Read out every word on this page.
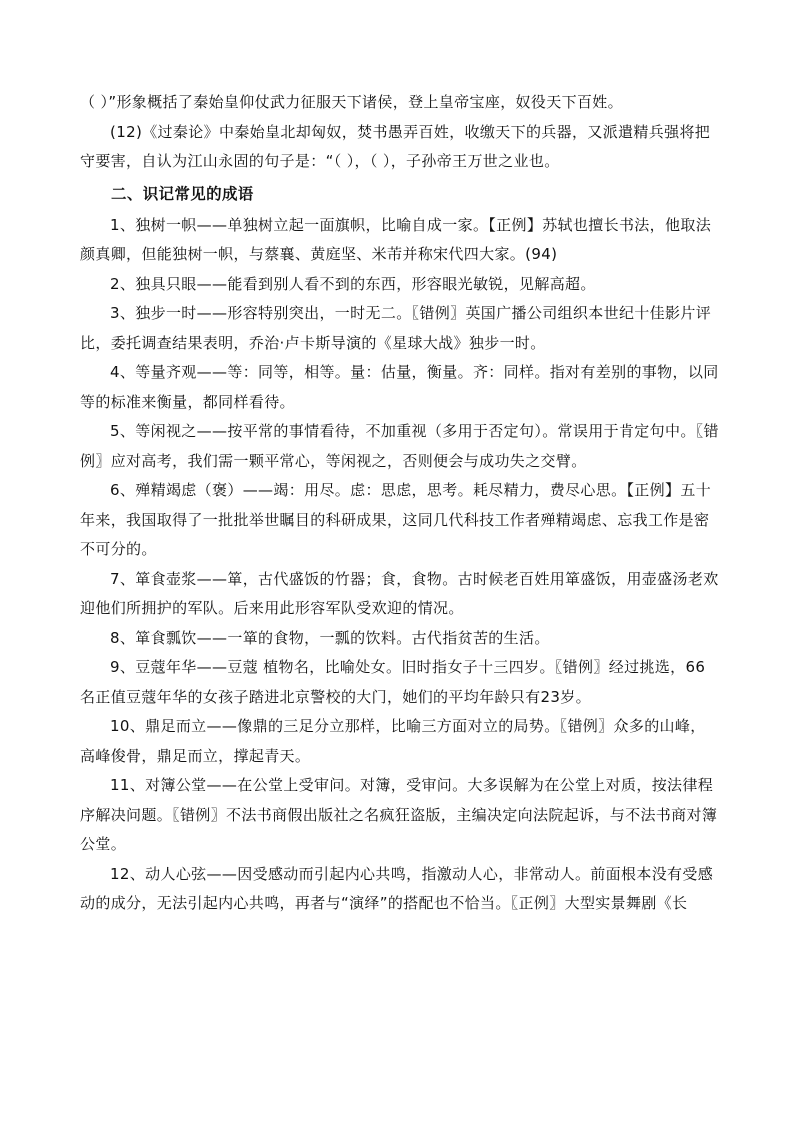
（ ）”形象概括了秦始皇仰仗武力征服天下诸侯，登上皇帝宝座，奴役天下百姓。

(12)《过秦论》中秦始皇北却匈奴，焚书愚弄百姓，收缴天下的兵器，又派遣精兵强将把守要害，自认为江山永固的句子是：“（ ），（ ），子孙帝王万世之业也。

二、识记常见的成语

1、独树一帜——单独树立起一面旗帜，比喻自成一家。【正例】苏轼也擅长书法，他取法颜真卿，但能独树一帜，与蔡襄、黄庭坚、米芾并称宋代四大家。(94)

2、独具只眼——能看到别人看不到的东西，形容眼光敏锐，见解高超。

3、独步一时——形容特别突出，一时无二。〖错例〗英国广播公司组织本世纪十佳影片评比，委托调查结果表明，乔治·卢卡斯导演的《星球大战》独步一时。

4、等量齐观——等：同等，相等。量：估量，衡量。齐：同样。指对有差别的事物，以同等的标准来衡量，都同样看待。

5、等闲视之——按平常的事情看待，不加重视（多用于否定句）。常误用于肯定句中。〖错例〗应对高考，我们需一颗平常心，等闲视之，否则便会与成功失之交臂。

6、殚精竭虑（褒）——竭：用尽。虑：思虑，思考。耗尽精力，费尽心思。【正例】五十年来，我国取得了一批批举世瞩目的科研成果，这同几代科技工作者殚精竭虑、忘我工作是密不可分的。

7、箪食壶浆——箪，古代盛饭的竹器；食，食物。古时候老百姓用箪盛饭，用壶盛汤老欢迎他们所拥护的军队。后来用此形容军队受欢迎的情况。

8、箪食瓢饮——一箪的食物，一瓢的饮料。古代指贫苦的生活。

9、豆蔻年华——豆蔻 植物名，比喻处女。旧时指女子十三四岁。〖错例〗经过挑选，66名正值豆蔻年华的女孩子踏进北京警校的大门，她们的平均年龄只有23岁。

10、鼎足而立——像鼎的三足分立那样，比喻三方面对立的局势。〖错例〗众多的山峰，高峰俊骨，鼎足而立，撑起青天。

11、对簿公堂——在公堂上受审问。对簿，受审问。大多误解为在公堂上对质，按法律程序解决问题。〖错例〗不法书商假出版社之名疯狂盗版，主编决定向法院起诉，与不法书商对簿公堂。

12、动人心弦——因受感动而引起内心共鸣，指激动人心，非常动人。前面根本没有受感动的成分，无法引起内心共鸣，再者与“演绎”的搭配也不恰当。〖正例〗大型实景舞剧《长
